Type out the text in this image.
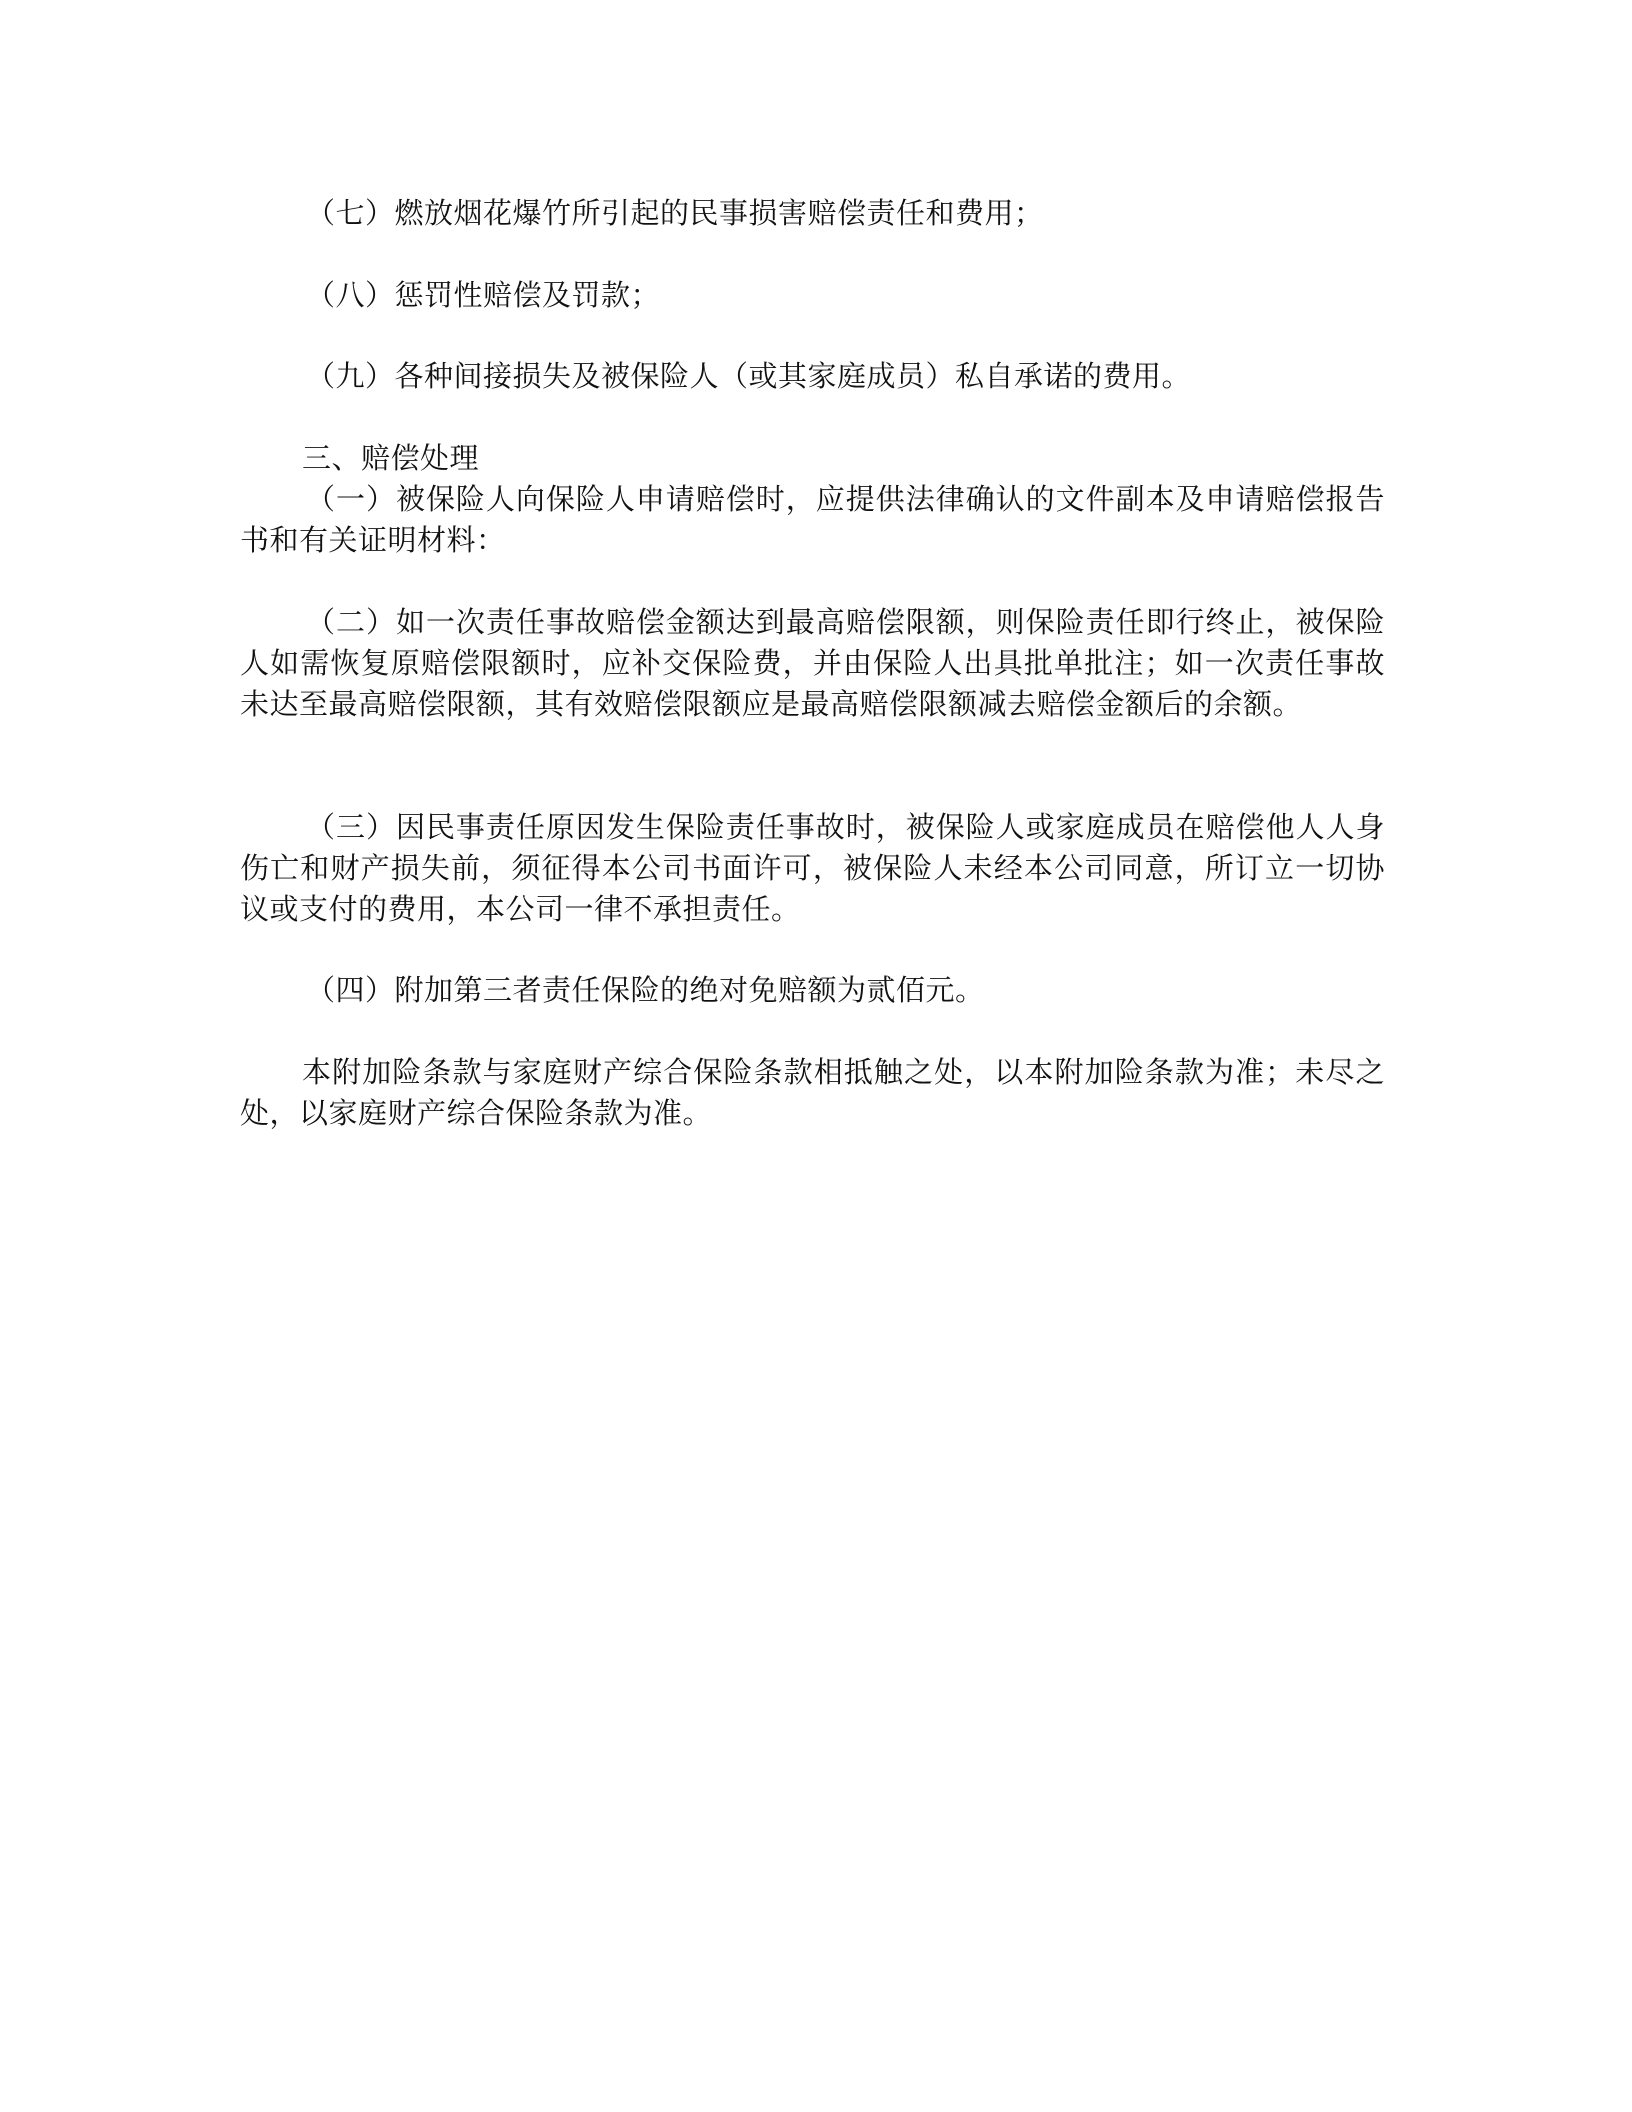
（七）燃放烟花爆竹所引起的民事损害赔偿责任和费用；
（八）惩罚性赔偿及罚款；
（九）各种间接损失及被保险人（或其家庭成员）私自承诺的费用。
三、赔偿处理
（一）被保险人向保险人申请赔偿时，应提供法律确认的文件副本及申请赔偿报告书和有关证明材料：
（二）如一次责任事故赔偿金额达到最高赔偿限额，则保险责任即行终止，被保险人如需恢复原赔偿限额时，应补交保险费，并由保险人出具批单批注；如一次责任事故未达至最高赔偿限额，其有效赔偿限额应是最高赔偿限额减去赔偿金额后的余额。
（三）因民事责任原因发生保险责任事故时，被保险人或家庭成员在赔偿他人人身伤亡和财产损失前，须征得本公司书面许可，被保险人未经本公司同意，所订立一切协议或支付的费用，本公司一律不承担责任。
（四）附加第三者责任保险的绝对免赔额为贰佰元。
本附加险条款与家庭财产综合保险条款相抵触之处，以本附加险条款为准；未尽之处，以家庭财产综合保险条款为准。
